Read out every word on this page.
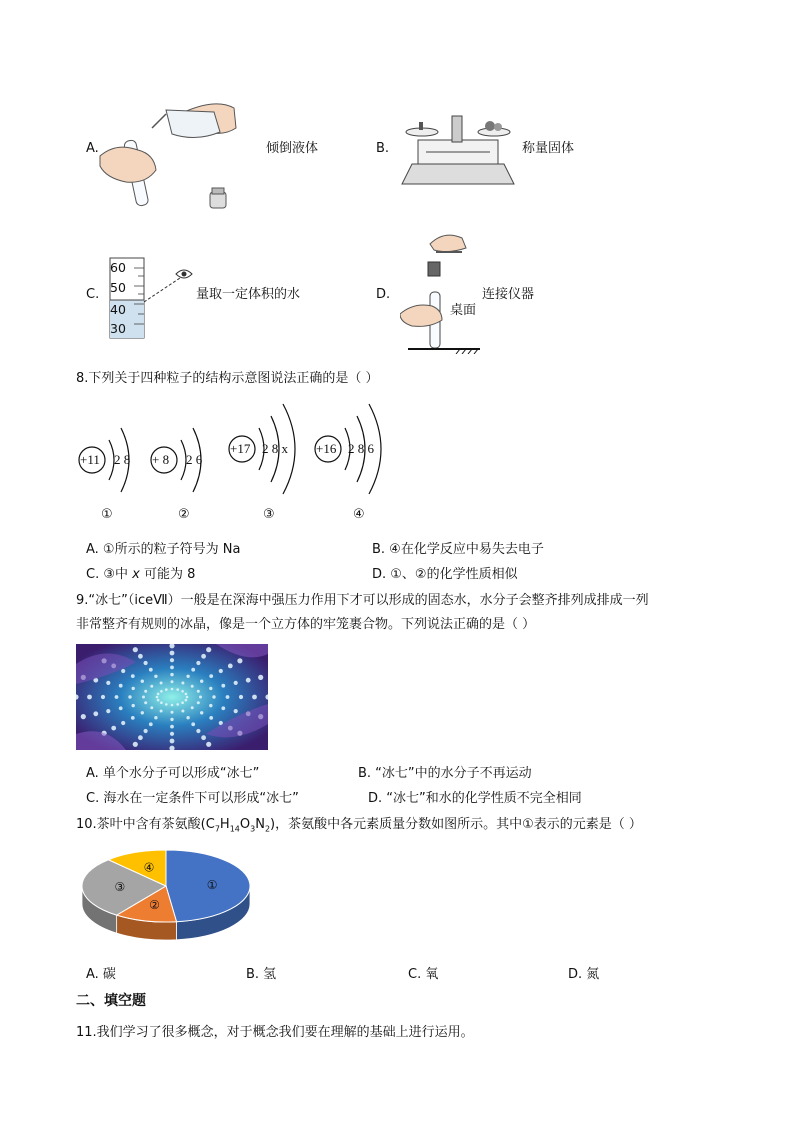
A.	倾倒液体	B.	称量固体
C.
60
50
40
30
量取一定体积的水	D.	连接仪器
桌面
8.下列关于四种粒子的结构示意图说法正确的是（ ）
+11 2 8 + 8 2 6
+17 2 8 x +16 2 8 6
①	②	③	④
A. ①所示的粒子符号为 Na	B. ④在化学反应中易失去电子
C. ③中 x 可能为 8	D. ①、②的化学性质相似
9.“冰七”（iceⅦ）一般是在深海中强压力作用下才可以形成的固态水，水分子会整齐排列成排成一列
非常整齐有规则的冰晶，像是一个立方体的牢笼裹合物。下列说法正确的是（ ）
A. 单个水分子可以形成“冰七”	B. “冰七”中的水分子不再运动
C. 海水在一定条件下可以形成“冰七”	D. “冰七”和水的化学性质不完全相同
10.茶叶中含有茶氨酸$(C_7H_{14}O_3N_2)$，茶氨酸中各元素质量分数如图所示。其中①表示的元素是（ ）
①
②
③
④
A. 碳	B. 氢	C. 氧	D. 氮
二、填空题
11.我们学习了很多概念，对于概念我们要在理解的基础上进行运用。
